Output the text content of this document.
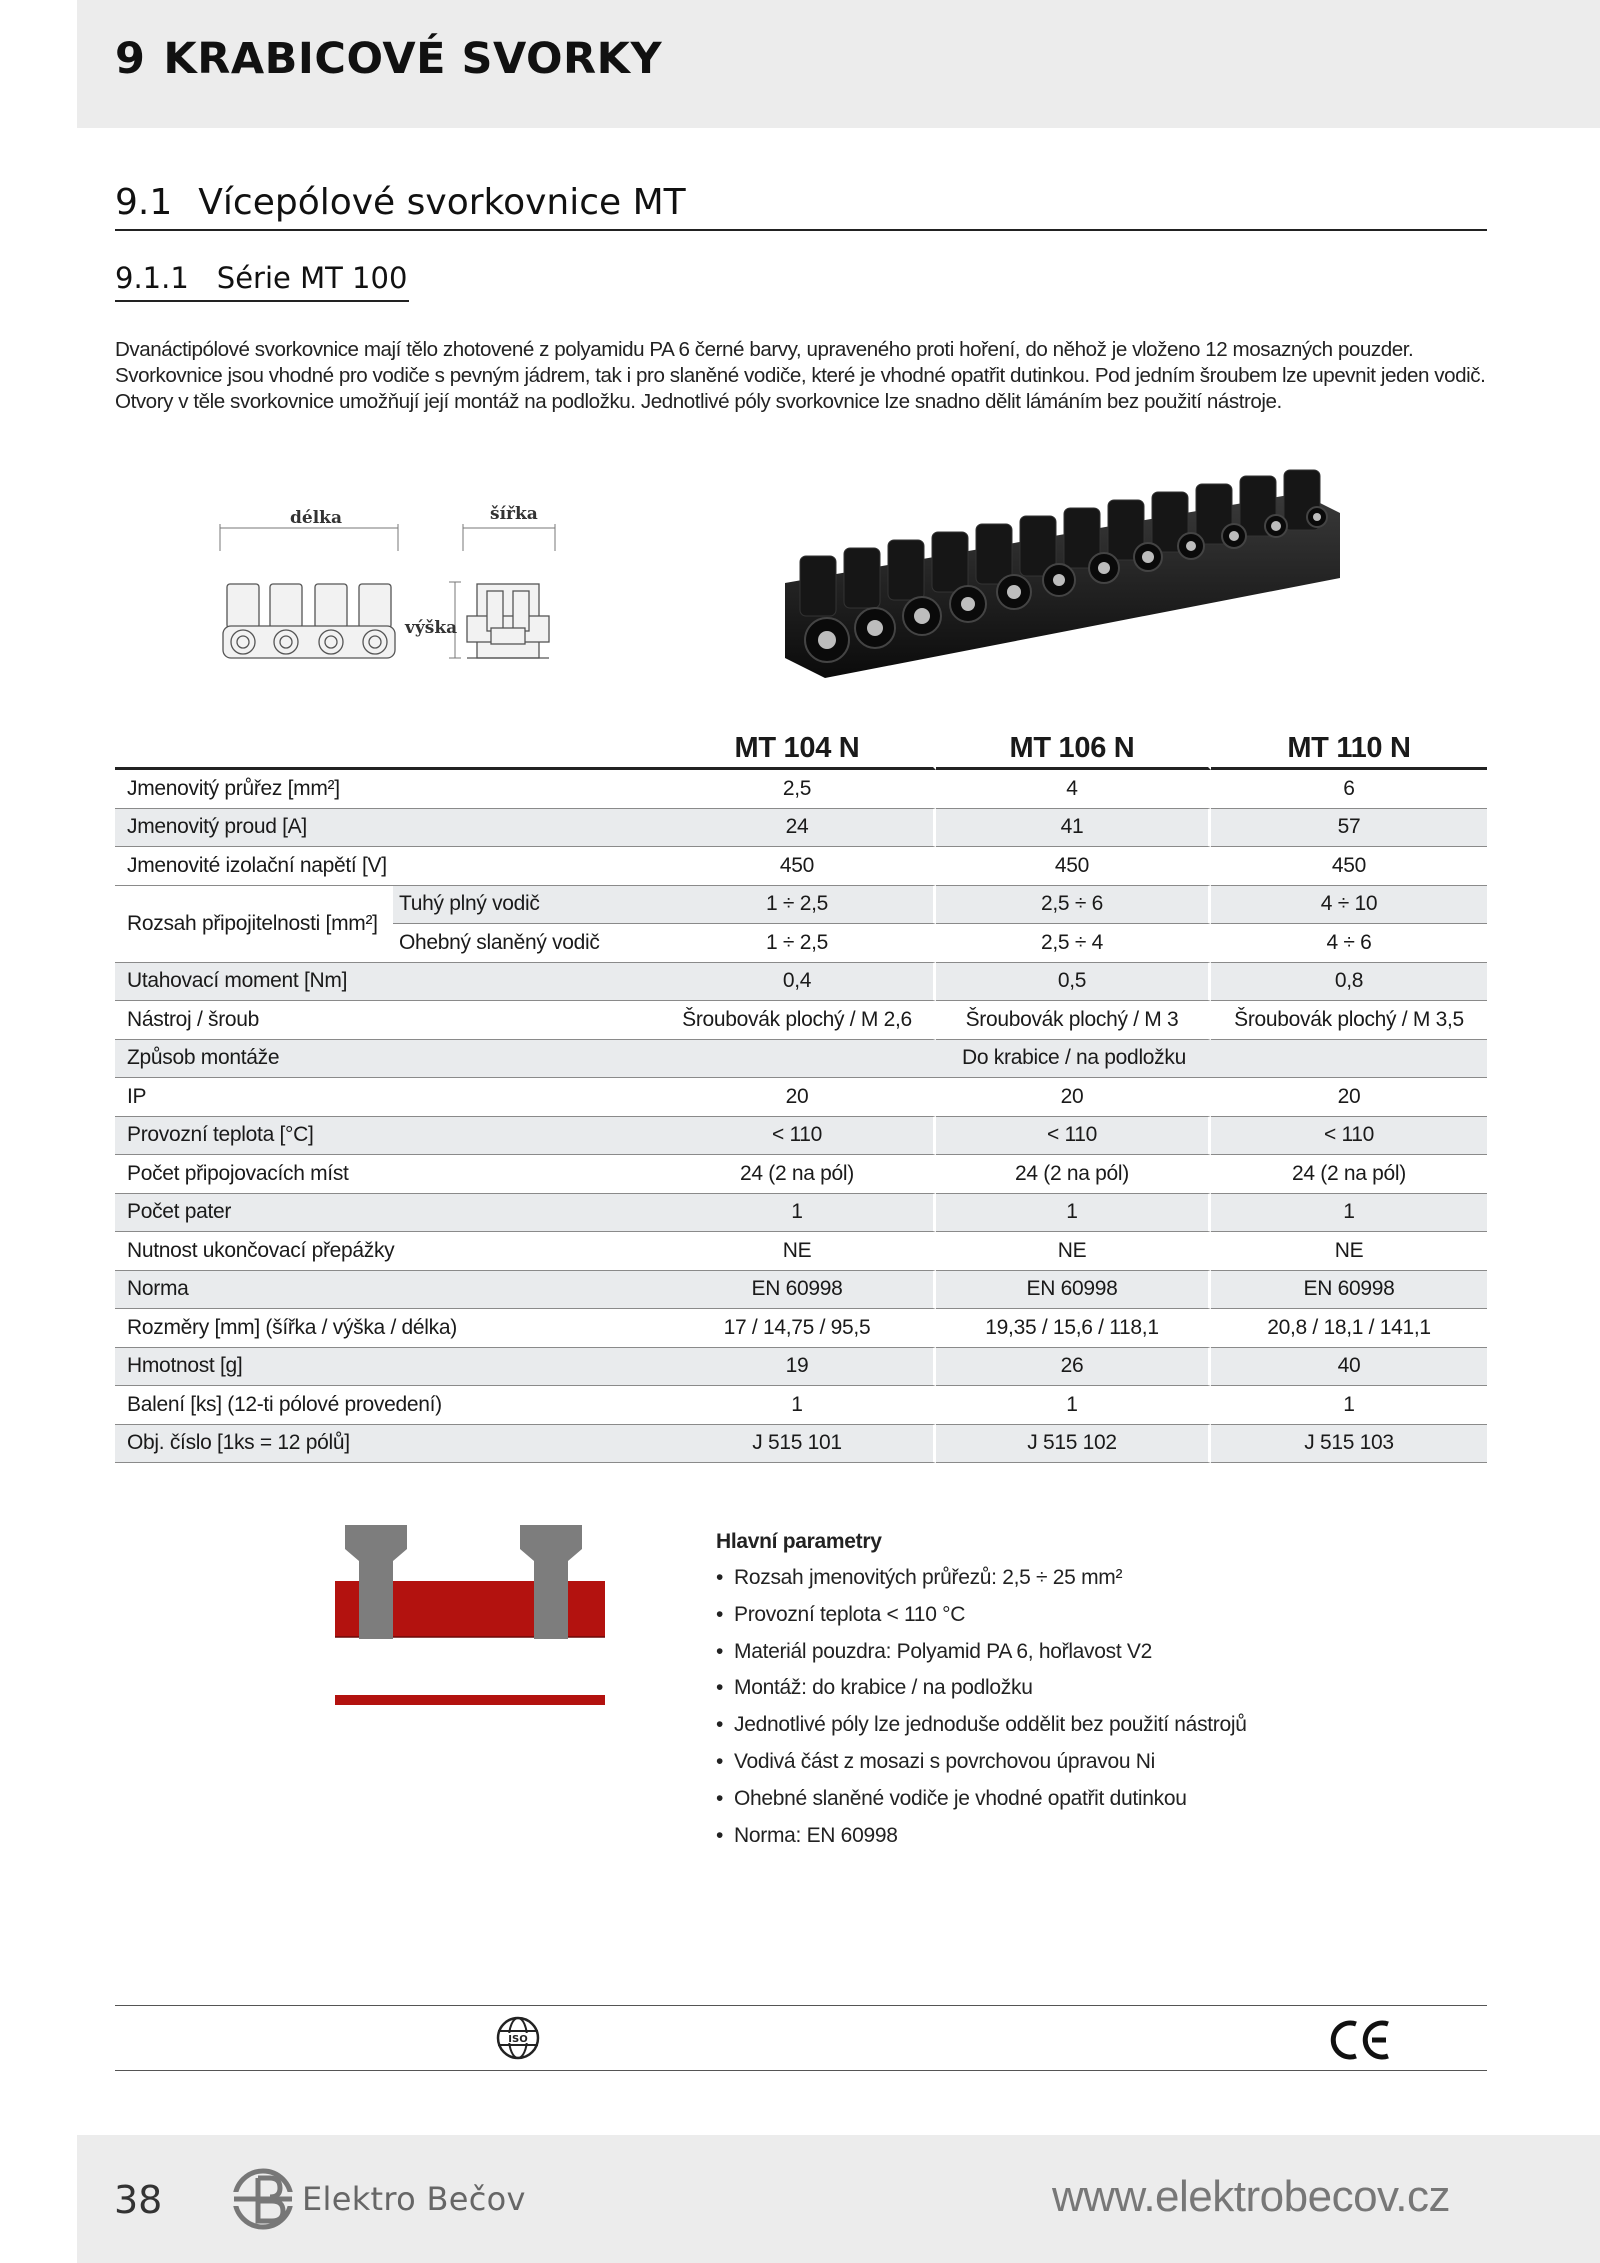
9 KRABICOVÉ SVORKY
9.1 Vícepólové svorkovnice MT
9.1.1 Série MT 100

Dvanáctipólové svorkovnice mají tělo zhotovené z polyamidu PA 6 černé barvy, upraveného proti hoření, do něhož je vloženo 12 mosazných pouzder. Svorkovnice jsou vhodné pro vodiče s pevným jádrem, tak i pro slaněné vodiče, které je vhodné opatřit dutinkou. Pod jedním šroubem lze upevnit jeden vodič. Otvory v těle svorkovnice umožňují její montáž na podložku. Jednotlivé póly svorkovnice lze snadno dělit lámáním bez použití nástroje.

délka	šířka
výška
		MT 104 N	MT 106 N	MT 110 N
Jmenovitý průřez [mm²]		2,5	4	6
Jmenovitý proud [A]		24	41	57
Jmenovité izolační napětí [V]		450	450	450
Rozsah připojitelnosti [mm²]	Tuhý plný vodič	1 ÷ 2,5	2,5 ÷ 6	4 ÷ 10
	Ohebný slaněný vodič	1 ÷ 2,5	2,5 ÷ 4	4 ÷ 6
Utahovací moment [Nm]		0,4	0,5	0,8
Nástroj / šroub		Šroubovák plochý / M 2,6	Šroubovák plochý / M 3	Šroubovák plochý / M 3,5
Způsob montáže		Do krabice / na podložku		
IP		20	20	20
Provozní teplota [°C]		< 110	< 110	< 110
Počet připojovacích míst		24 (2 na pól)	24 (2 na pól)	24 (2 na pól)
Počet pater		1	1	1
Nutnost ukončovací přepážky		NE	NE	NE
Norma		EN 60998	EN 60998	EN 60998
Rozměry [mm] (šířka / výška / délka)		17 / 14,75 / 95,5	19,35 / 15,6 / 118,1	20,8 / 18,1 / 141,1
Hmotnost [g]		19	26	40
Balení [ks] (12-ti pólové provedení)		1	1	1
Obj. číslo [1ks = 12 pólů]		J 515 101	J 515 102	J 515 103
Hlavní parametry
• Rozsah jmenovitých průřezů: 2,5 ÷ 25 mm²
• Provozní teplota < 110 °C
• Materiál pouzdra: Polyamid PA 6, hořlavost V2
• Montáž: do krabice / na podložku
• Jednotlivé póly lze jednoduše oddělit bez použití nástrojů
• Vodivá část z mosazi s povrchovou úpravou Ni
• Ohebné slaněné vodiče je vhodné opatřit dutinkou
• Norma: EN 60998
ISO
38	Elektro Bečov	www.elektrobecov.cz
